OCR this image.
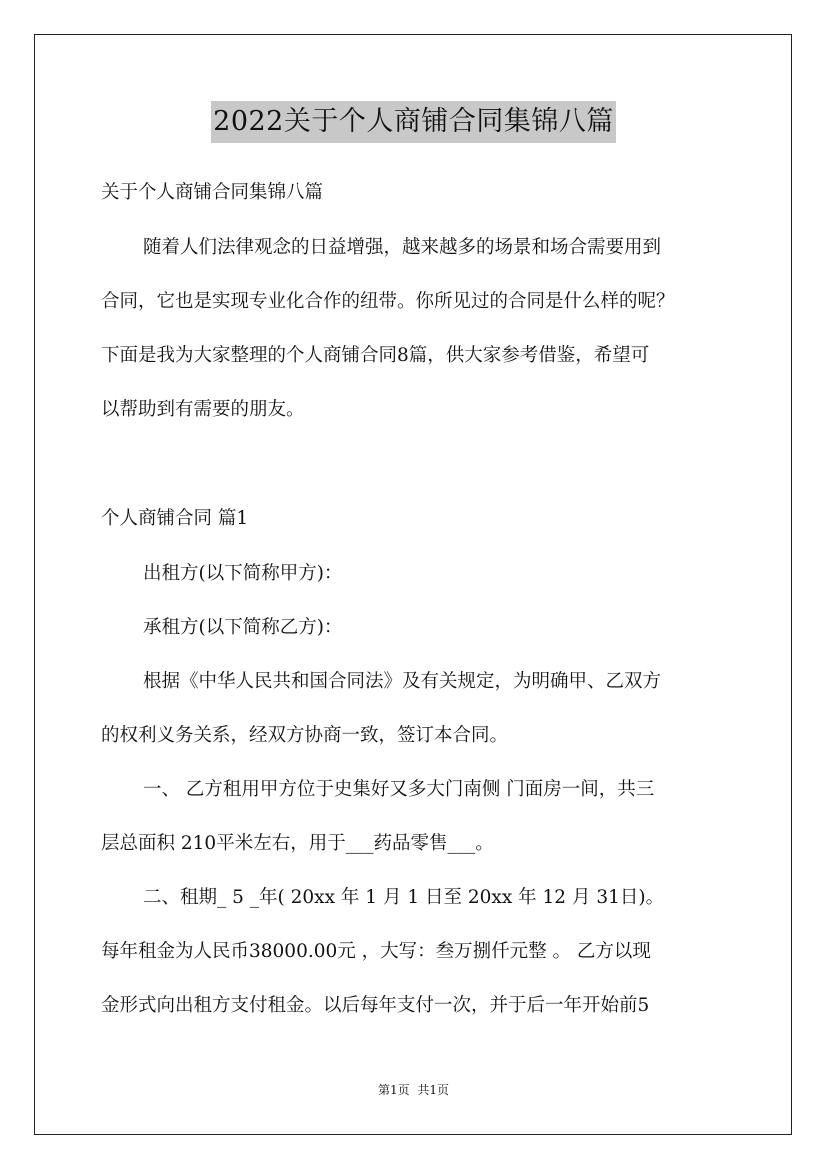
2022关于个人商铺合同集锦八篇
关于个人商铺合同集锦八篇
随着人们法律观念的日益增强，越来越多的场景和场合需要用到
合同，它也是实现专业化合作的纽带。你所见过的合同是什么样的呢？
下面是我为大家整理的个人商铺合同8篇，供大家参考借鉴，希望可
以帮助到有需要的朋友。
个人商铺合同 篇1
出租方(以下简称甲方)：
承租方(以下简称乙方)：
根据《中华人民共和国合同法》及有关规定，为明确甲、乙双方
的权利义务关系，经双方协商一致，签订本合同。
一、 乙方租用甲方位于史集好又多大门南侧 门面房一间，共三
层总面积 210平米左右，用于___药品零售___。
二、租期_ 5 _年( 20xx 年 1 月 1 日至 20xx 年 12 月 31日)。
每年租金为人民币38000.00元 ，大写：叁万捌仟元整 。 乙方以现
金形式向出租方支付租金。以后每年支付一次，并于后一年开始前5
第1页 共1页
